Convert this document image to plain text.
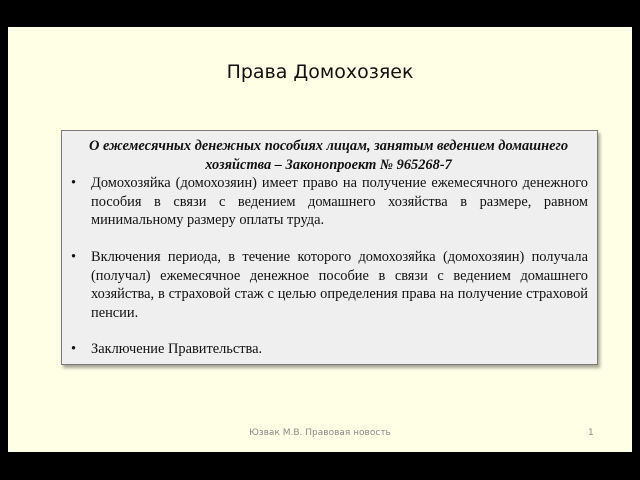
Права Домохозяек
О ежемесячных денежных пособиях лицам, занятым ведением домашнего хозяйства – Законопроект № 965268-7
• Домохозяйка (домохозяин) имеет право на получение ежемесячного денежного пособия в связи с ведением домашнего хозяйства в размере, равном минимальному размеру оплаты труда.
• Включения периода, в течение которого домохозяйка (домохозяин) получала (получал) ежемесячное денежное пособие в связи с ведением домашнего хозяйства, в страховой стаж с целью определения права на получение страховой пенсии.
• Заключение Правительства.
Юзвак М.В. Правовая новость	1
